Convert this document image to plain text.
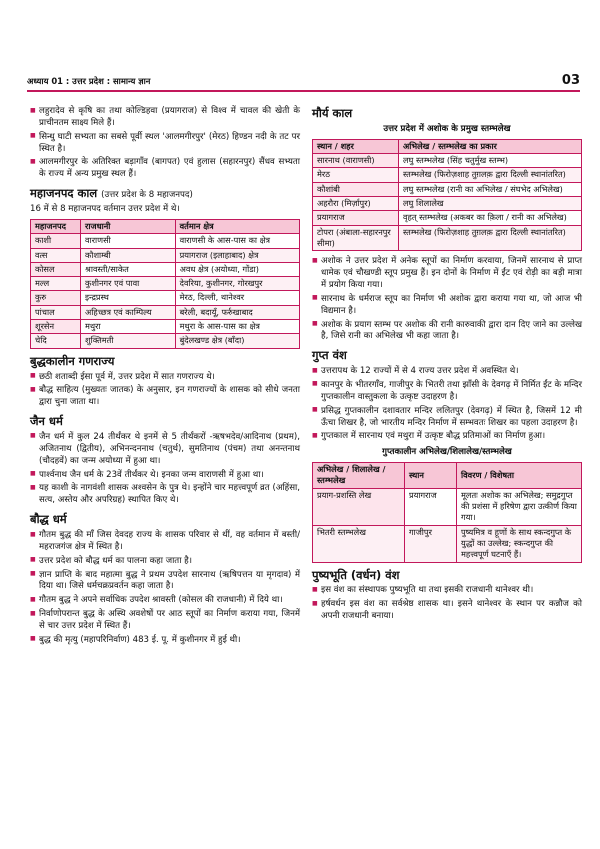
अध्याय 01 : उत्तर प्रदेश : सामान्य ज्ञान	03
■ लहुरादेव से कृषि का तथा कोल्डिहवा (प्रयागराज) से विश्व में चावल की खेती के प्राचीनतम साक्ष्य मिले हैं।
■ सिन्धु घाटी सभ्यता का सबसे पूर्वी स्थल 'आलमगीरपुर' (मेरठ) हिण्डन नदी के तट पर स्थित है।
■ आलमगीरपुर के अतिरिक्त बड़ागाँव (बागपत) एवं हुलास (सहारनपुर) सैंधव सभ्यता के राज्य में अन्य प्रमुख स्थल हैं।
महाजनपद काल (उत्तर प्रदेश के 8 महाजनपद)
16 में से 8 महाजनपद वर्तमान उत्तर प्रदेश में थे।
महाजनपद	राजधानी	वर्तमान क्षेत्र
काशी	वाराणसी	वाराणसी के आस-पास का क्षेत्र
वत्स	कौशाम्बी	प्रयागराज (इलाहाबाद) क्षेत्र
कोसल	श्रावस्ती/साकेत	अवध क्षेत्र (अयोध्या, गोंडा)
मल्ल	कुशीनगर एवं पावा	देवरिया, कुशीनगर, गोरखपुर
कुरु	इन्द्रप्रस्थ	मेरठ, दिल्ली, थानेश्वर
पांचाल	अहिच्छत्र एवं काम्पिल्य	बरेली, बदायूँ, फर्रुखाबाद
शूरसेन	मथुरा	मथुरा के आस-पास का क्षेत्र
चेदि	शुक्तिमती	बुंदेलखण्ड क्षेत्र (बाँदा)
बुद्धकालीन गणराज्य
■ छठी शताब्दी ईसा पूर्व में, उत्तर प्रदेश में सात गणराज्य थे।
■ बौद्ध साहित्य (मुख्यतः जातक) के अनुसार, इन गणराज्यों के शासक को सीधे जनता द्वारा चुना जाता था।
जैन धर्म
■ जैन धर्म में कुल 24 तीर्थंकर थे इनमें से 5 तीर्थंकरों -ऋषभदेव/आदिनाथ (प्रथम), अजितनाथ (द्वितीय), अभिनन्दननाथ (चतुर्थ), सुमतिनाथ (पंचम) तथा अनन्तनाथ (चौदहवें) का जन्म अयोध्या में हुआ था।
■ पार्श्वनाथ जैन धर्म के 23वें तीर्थंकर थे। इनका जन्म वाराणसी में हुआ था।
■ यह काशी के नागवंशी शासक अश्वसेन के पुत्र थे। इन्होंने चार महत्त्वपूर्ण व्रत (अहिंसा, सत्य, अस्तेय और अपरिग्रह) स्थापित किए थे।
बौद्ध धर्म
■ गौतम बुद्ध की माँ जिस देवदह राज्य के शासक परिवार से थीं, वह वर्तमान में बस्ती/महराजगंज क्षेत्र में स्थित है।
■ उत्तर प्रदेश को बौद्ध धर्म का पालना कहा जाता है।
■ ज्ञान प्राप्ति के बाद महात्मा बुद्ध ने प्रथम उपदेश सारनाथ (ऋषिपत्तन या मृगदाव) में दिया था। जिसे धर्मचक्रप्रवर्तन कहा जाता है।
■ गौतम बुद्ध ने अपने सर्वाधिक उपदेश श्रावस्ती (कोसल की राजधानी) में दिये था।
■ निर्वाणोपरान्त बुद्ध के अस्थि अवशेषों पर आठ स्तूपों का निर्माण कराया गया, जिनमें से चार उत्तर प्रदेश में स्थित हैं।
■ बुद्ध की मृत्यु (महापरिनिर्वाण) 483 ई. पू. में कुशीनगर में हुई थी।
मौर्य काल
उत्तर प्रदेश में अशोक के प्रमुख स्तम्भलेख
स्थान / शहर	अभिलेख / स्तम्भलेख का प्रकार
सारनाथ (वाराणसी)	लघु स्तम्भलेख (सिंह चतुर्मुख स्तम्भ)
मेरठ	स्तम्भलेख (फिरोज़शाह तुग़लक़ द्वारा दिल्ली स्थानांतरित)
कौशांबी	लघु स्तम्भलेख (रानी का अभिलेख / संघभेद अभिलेख)
अहरौरा (मिर्ज़ापुर)	लघु शिलालेख
प्रयागराज	वृहत् स्तम्भलेख (अकबर का क़िला / रानी का अभिलेख)
टोपरा (अंबाला-सहारनपुर सीमा)	स्तम्भलेख (फिरोज़शाह तुग़लक़ द्वारा दिल्ली स्थानांतरित)
■ अशोक ने उत्तर प्रदेश में अनेक स्तूपों का निर्माण करवाया, जिनमें सारनाथ से प्राप्त धामेक एवं चौखण्डी स्तूप प्रमुख हैं। इन दोनों के निर्माण में ईंट एवं रोड़ी का बड़ी मात्रा में प्रयोग किया गया।
■ सारनाथ के धर्मराज स्तूप का निर्माण भी अशोक द्वारा कराया गया था, जो आज भी विद्यमान है।
■ अशोक के प्रयाग स्तम्भ पर अशोक की रानी कारुवाकी द्वारा दान दिए जाने का उल्लेख है, जिसे रानी का अभिलेख भी कहा जाता है।
गुप्त वंश
■ उत्तरापथ के 12 राज्यों में से 4 राज्य उत्तर प्रदेश में अवस्थित थे।
■ कानपुर के भीतरगाँव, गाजीपुर के भितरी तथा झाँसी के देवगढ़ में निर्मित ईंट के मन्दिर गुप्तकालीन वास्तुकला के उत्कृष्ट उदाहरण है।
■ प्रसिद्ध गुप्तकालीन दशावतार मन्दिर ललितपुर (देवगढ़) में स्थित है, जिसमें 12 मी ऊँचा शिखर है, जो भारतीय मन्दिर निर्माण में सम्भवतः शिखर का पहला उदाहरण है।
■ गुप्तकाल में सारनाथ एवं मथुरा में उत्कृष्ट बौद्ध प्रतिमाओं का निर्माण हुआ।
गुप्तकालीन अभिलेख/शिलालेख/स्तम्भलेख
अभिलेख / शिलालेख / स्तम्भलेख	स्थान	विवरण / विशेषता
प्रयाग-प्रशस्ति लेख	प्रयागराज	मूलतः अशोक का अभिलेख; समुद्रगुप्त की प्रशंसा में हरिषेण द्वारा उत्कीर्ण किया गया।
भितरी स्तम्भलेख	गाजीपुर	पुष्यमित्र व हूणों के साथ स्कन्दगुप्त के युद्धों का उल्लेख; स्कन्दगुप्त की महत्त्वपूर्ण घटनाएँ हैं।
पुष्यभूति (वर्धन) वंश
■ इस वंश का संस्थापक पुष्यभूति था तथा इसकी राजधानी थानेश्वर थी।
■ हर्षवर्धन इस वंश का सर्वश्रेष्ठ शासक था। इसने थानेश्वर के स्थान पर कन्नौज को अपनी राजधानी बनाया।
